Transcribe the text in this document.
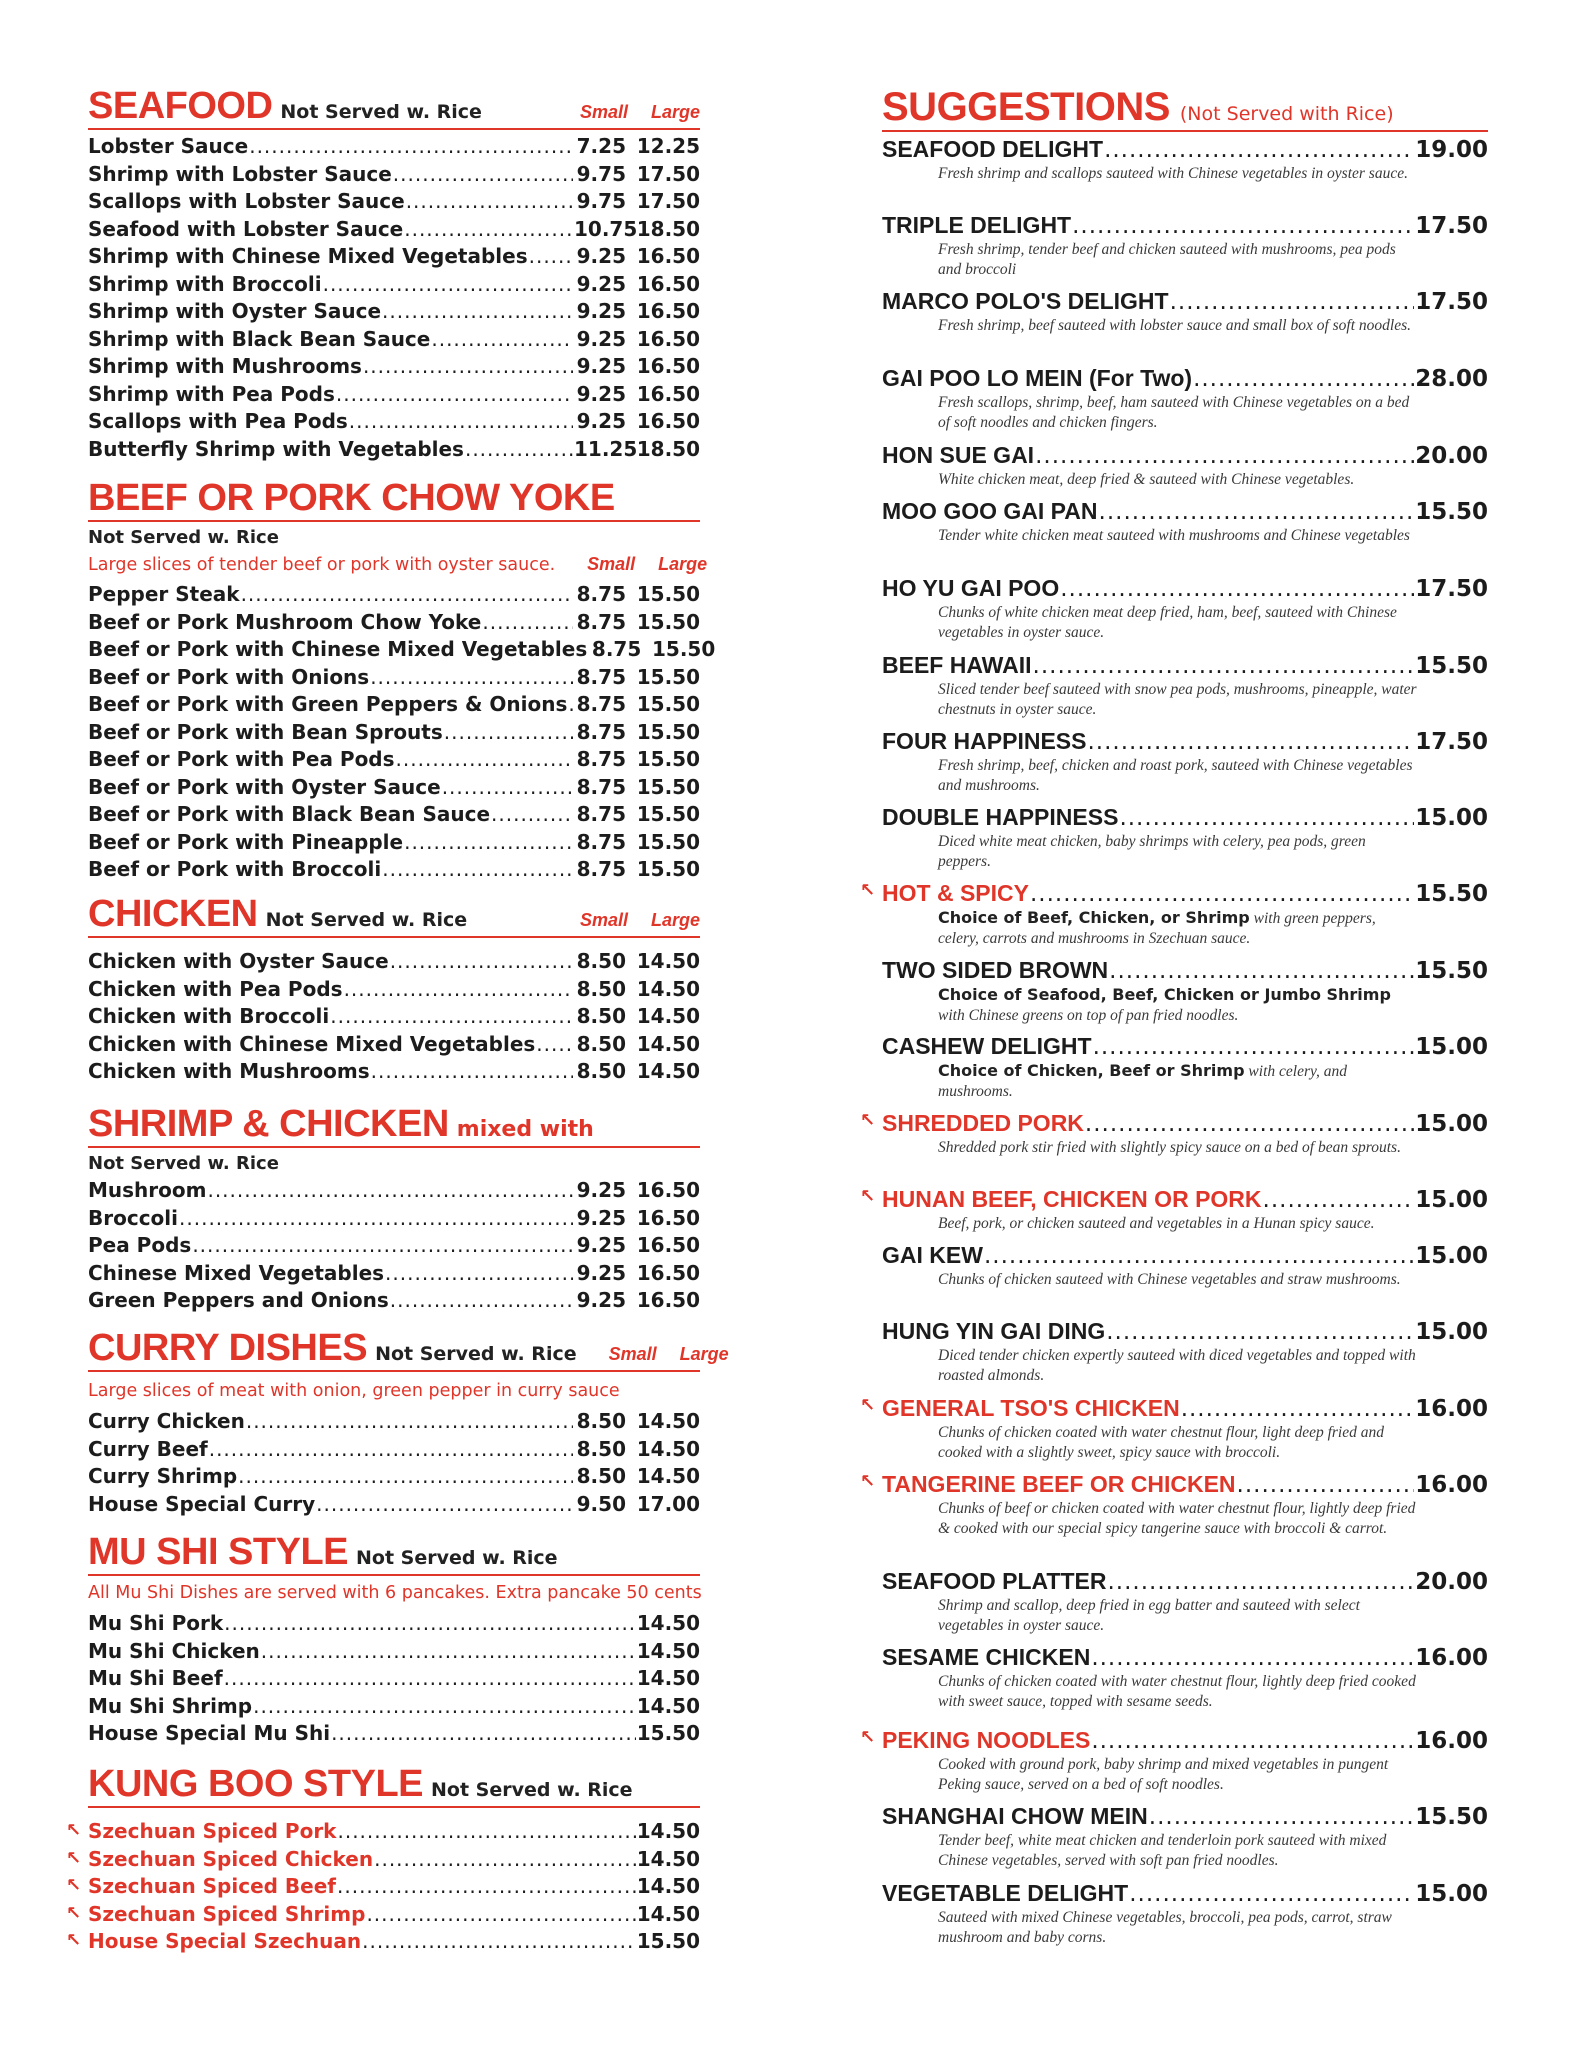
SEAFOOD Not Served w. Rice	Small	Large
Lobster Sauce .....	7.25 12.25
Shrimp with Lobster Sauce .....	9.75 17.50
Scallops with Lobster Sauce .....	9.75 17.50
Seafood with Lobster Sauce .....	10.75 18.50
Shrimp with Chinese Mixed Vegetables ..... 9.25 16.50
Shrimp with Broccoli .....	9.25 16.50
Shrimp with Oyster Sauce .....	9.25 16.50
Shrimp with Black Bean Sauce .....	9.25 16.50
Shrimp with Mushrooms .....	9.25 16.50
Shrimp with Pea Pods .....	9.25 16.50
Scallops with Pea Pods .....	9.25 16.50
Butterfly Shrimp with Vegetables .....	11.25 18.50
BEEF OR PORK CHOW YOKE
Not Served w. Rice
Large slices of tender beef or pork with oyster sauce.	Small	Large
Pepper Steak .....	8.75 15.50
Beef or Pork Mushroom Chow Yoke .....	8.75 15.50
Beef or Pork with Chinese Mixed Vegetables 8.75 15.50
Beef or Pork with Onions .....	8.75 15.50
Beef or Pork with Green Peppers & Onions ..... 8.75 15.50
Beef or Pork with Bean Sprouts .....	8.75 15.50
Beef or Pork with Pea Pods .....	8.75 15.50
Beef or Pork with Oyster Sauce .....	8.75 15.50
Beef or Pork with Black Bean Sauce .....	8.75 15.50
Beef or Pork with Pineapple .....	8.75 15.50
Beef or Pork with Broccoli .....	8.75 15.50
CHICKEN Not Served w. Rice	Small	Large
Chicken with Oyster Sauce .....	8.50 14.50
Chicken with Pea Pods .....	8.50 14.50
Chicken with Broccoli .....	8.50 14.50
Chicken with Chinese Mixed Vegetables ..... 8.50 14.50
Chicken with Mushrooms .....	8.50 14.50
SHRIMP & CHICKEN mixed with
Not Served w. Rice
Mushroom .....	9.25 16.50
Broccoli .....	9.25 16.50
Pea Pods .....	9.25 16.50
Chinese Mixed Vegetables .....	9.25 16.50
Green Peppers and Onions .....	9.25 16.50
CURRY DISHES Not Served w. Rice	Small	Large
Large slices of meat with onion, green pepper in curry sauce
Curry Chicken .....	8.50 14.50
Curry Beef .....	8.50 14.50
Curry Shrimp .....	8.50 14.50
House Special Curry .....	9.50 17.00
MU SHI STYLE Not Served w. Rice
All Mu Shi Dishes are served with 6 pancakes. Extra pancake 50 cents
Mu Shi Pork .....	14.50
Mu Shi Chicken .....	14.50
Mu Shi Beef .....	14.50
Mu Shi Shrimp .....	14.50
House Special Mu Shi .....	15.50
KUNG BOO STYLE Not Served w. Rice
↖ Szechuan Spiced Pork .....	14.50
↖ Szechuan Spiced Chicken .....	14.50
↖ Szechuan Spiced Beef .....	14.50
↖ Szechuan Spiced Shrimp .....	14.50
↖ House Special Szechuan .....	15.50
SUGGESTIONS (Not Served with Rice)
SEAFOOD DELIGHT .....	19.00
Fresh shrimp and scallops sauteed with Chinese vegetables in oyster sauce.
TRIPLE DELIGHT .....	17.50
Fresh shrimp, tender beef and chicken sauteed with mushrooms, pea pods and broccoli
MARCO POLO'S DELIGHT .....	17.50
Fresh shrimp, beef sauteed with lobster sauce and small box of soft noodles.
GAI POO LO MEIN (For Two) .....	28.00
Fresh scallops, shrimp, beef, ham sauteed with Chinese vegetables on a bed of soft noodles and chicken fingers.
HON SUE GAI .....	20.00
White chicken meat, deep fried & sauteed with Chinese vegetables.
MOO GOO GAI PAN .....	15.50
Tender white chicken meat sauteed with mushrooms and Chinese vegetables
HO YU GAI POO .....	17.50
Chunks of white chicken meat deep fried, ham, beef, sauteed with Chinese vegetables in oyster sauce.
BEEF HAWAII .....	15.50
Sliced tender beef sauteed with snow pea pods, mushrooms, pineapple, water chestnuts in oyster sauce.
FOUR HAPPINESS .....	17.50
Fresh shrimp, beef, chicken and roast pork, sauteed with Chinese vegetables and mushrooms.
DOUBLE HAPPINESS .....	15.00
Diced white meat chicken, baby shrimps with celery, pea pods, green peppers.
↖ HOT & SPICY .....	15.50
Choice of Beef, Chicken, or Shrimp with green peppers, celery, carrots and mushrooms in Szechuan sauce.
TWO SIDED BROWN .....	15.50
Choice of Seafood, Beef, Chicken or Jumbo Shrimp with Chinese greens on top of pan fried noodles.
CASHEW DELIGHT .....	15.00
Choice of Chicken, Beef or Shrimp with celery, and mushrooms.
↖ SHREDDED PORK .....	15.00
Shredded pork stir fried with slightly spicy sauce on a bed of bean sprouts.
↖ HUNAN BEEF, CHICKEN OR PORK .....	15.00
Beef, pork, or chicken sauteed and vegetables in a Hunan spicy sauce.
GAI KEW .....	15.00
Chunks of chicken sauteed with Chinese vegetables and straw mushrooms.
HUNG YIN GAI DING .....	15.00
Diced tender chicken expertly sauteed with diced vegetables and topped with roasted almonds.
↖ GENERAL TSO'S CHICKEN .....	16.00
Chunks of chicken coated with water chestnut flour, light deep fried and cooked with a slightly sweet, spicy sauce with broccoli.
↖ TANGERINE BEEF OR CHICKEN .....	16.00
Chunks of beef or chicken coated with water chestnut flour, lightly deep fried & cooked with our special spicy tangerine sauce with broccoli & carrot.
SEAFOOD PLATTER .....	20.00
Shrimp and scallop, deep fried in egg batter and sauteed with select vegetables in oyster sauce.
SESAME CHICKEN .....	16.00
Chunks of chicken coated with water chestnut flour, lightly deep fried cooked with sweet sauce, topped with sesame seeds.
↖ PEKING NOODLES .....	16.00
Cooked with ground pork, baby shrimp and mixed vegetables in pungent Peking sauce, served on a bed of soft noodles.
SHANGHAI CHOW MEIN .....	15.50
Tender beef, white meat chicken and tenderloin pork sauteed with mixed Chinese vegetables, served with soft pan fried noodles.
VEGETABLE DELIGHT .....	15.00
Sauteed with mixed Chinese vegetables, broccoli, pea pods, carrot, straw mushroom and baby corns.
